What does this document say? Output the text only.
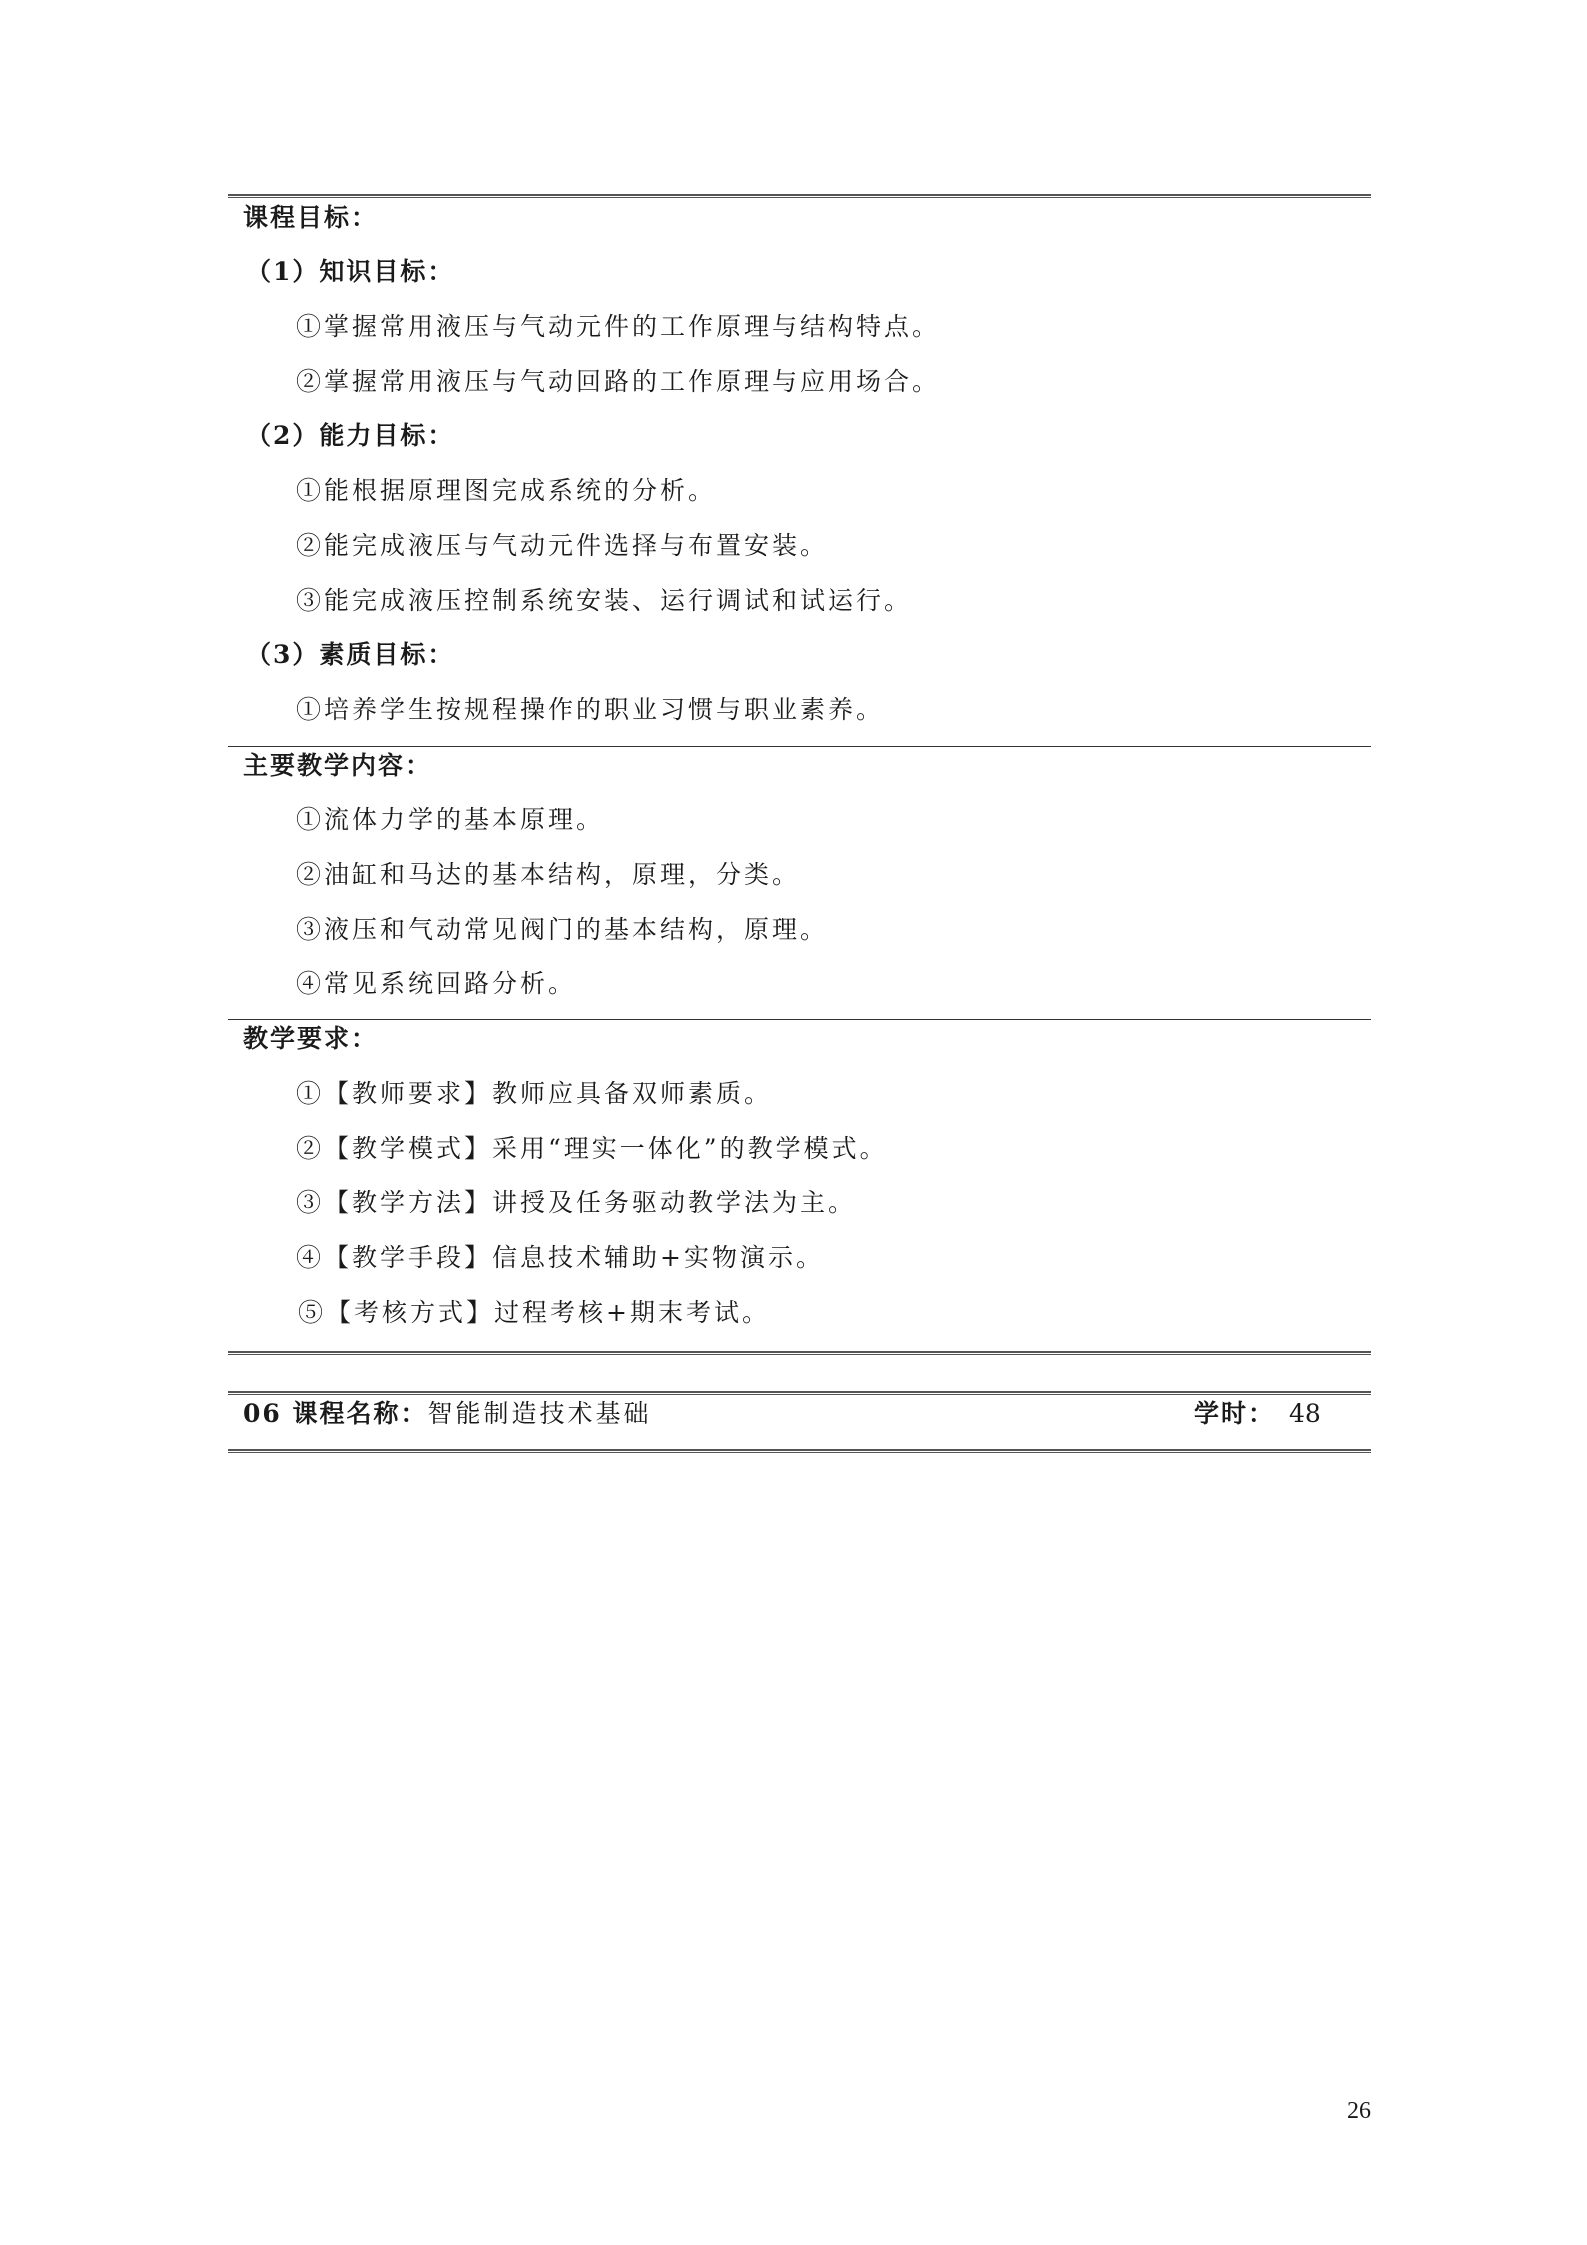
课程目标：
（1）知识目标：
①掌握常用液压与气动元件的工作原理与结构特点。
②掌握常用液压与气动回路的工作原理与应用场合。
（2）能力目标：
①能根据原理图完成系统的分析。
②能完成液压与气动元件选择与布置安装。
③能完成液压控制系统安装、运行调试和试运行。
（3）素质目标：
①培养学生按规程操作的职业习惯与职业素养。
主要教学内容：
①流体力学的基本原理。
②油缸和马达的基本结构，原理，分类。
③液压和气动常见阀门的基本结构，原理。
④常见系统回路分析。
教学要求：
①【教师要求】教师应具备双师素质。
②【教学模式】采用“理实一体化”的教学模式。
③【教学方法】讲授及任务驱动教学法为主。
④【教学手段】信息技术辅助+实物演示。
⑤【考核方式】过程考核+期末考试。
06 课程名称：智能制造技术基础	学时： 48
26
